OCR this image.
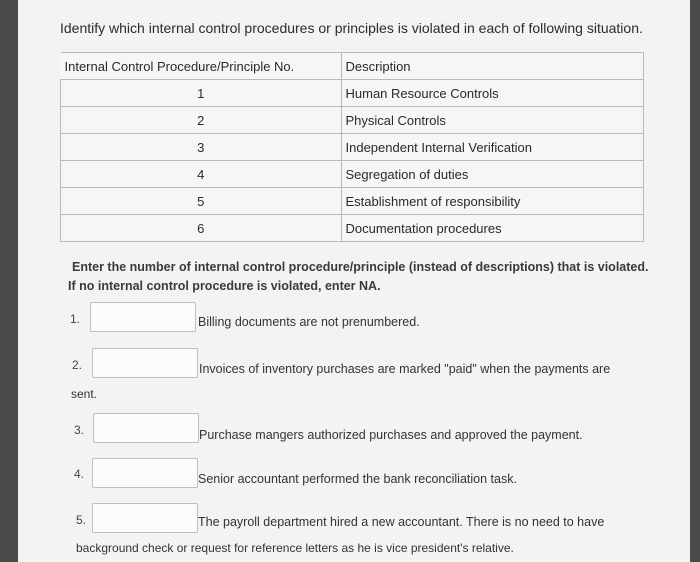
Identify which internal control procedures or principles is violated in each of following situation.
Internal Control Procedure/Principle No.	Description
1	Human Resource Controls
2	Physical Controls
3	Independent Internal Verification
4	Segregation of duties
5	Establishment of responsibility
6	Documentation procedures
Enter the number of internal control procedure/principle (instead of descriptions) that is violated.
If no internal control procedure is violated, enter NA.
1.	Billing documents are not prenumbered.
2.	Invoices of inventory purchases are marked "paid" when the payments are
sent.
3.	Purchase mangers authorized purchases and approved the payment.
4.	Senior accountant performed the bank reconciliation task.
5.	The payroll department hired a new accountant. There is no need to have
background check or request for reference letters as he is vice president's relative.
